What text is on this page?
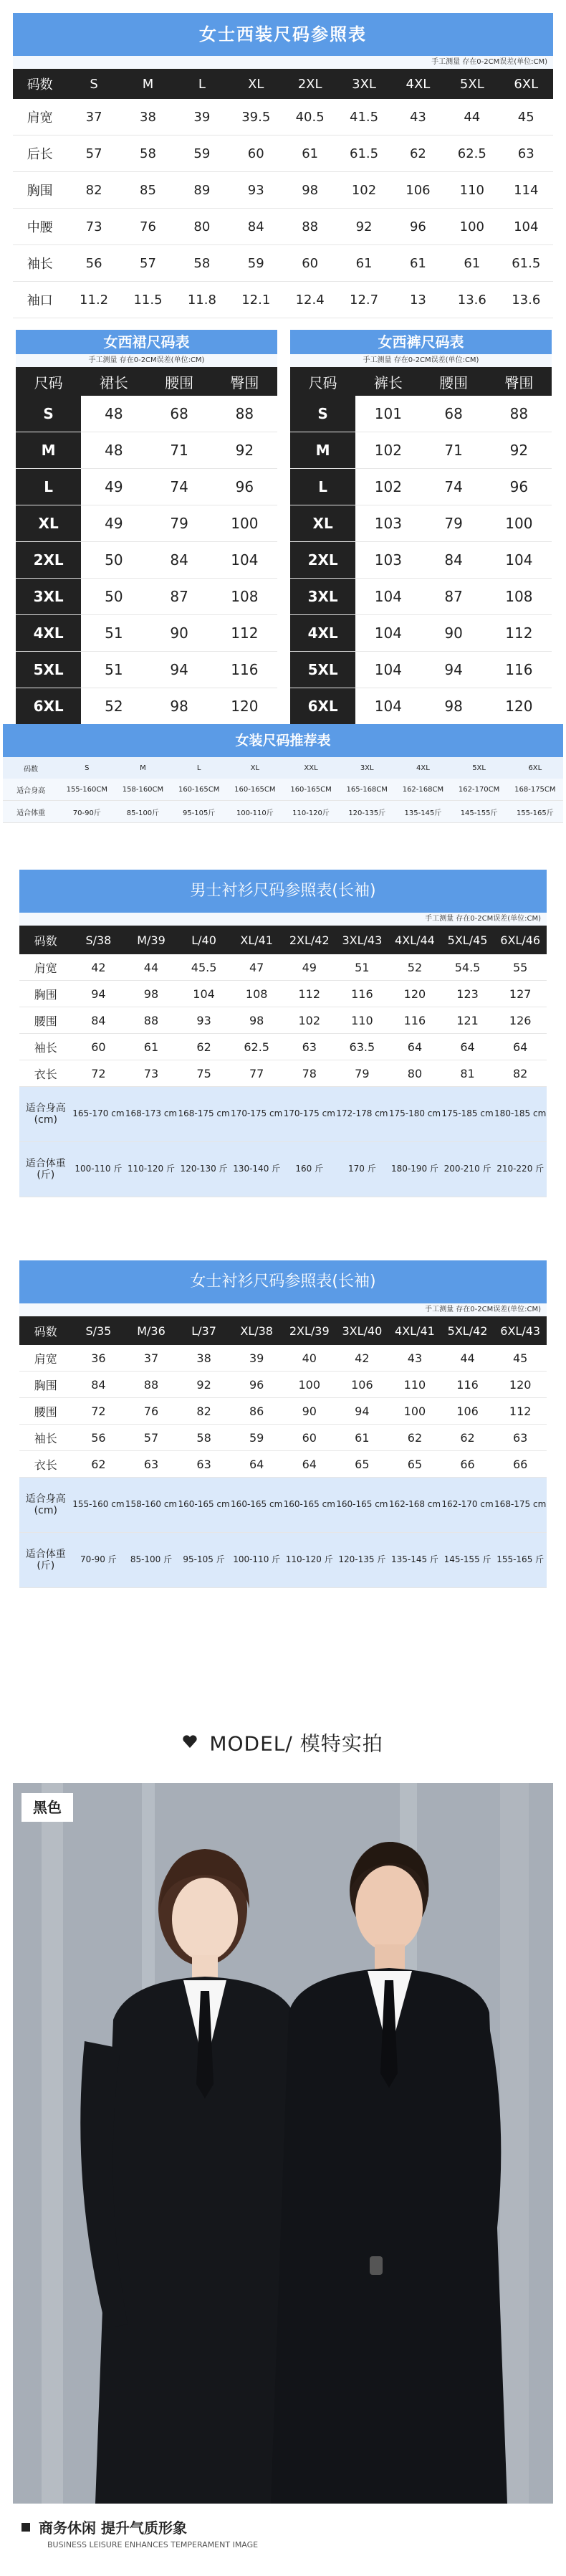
女士西装尺码参照表
手工测量 存在0-2CM误差(单位:CM)
码数	S	M	L	XL	2XL	3XL	4XL	5XL	6XL
肩宽	37	38	39	39.5	40.5	41.5	43	44	45
后长	57	58	59	60	61	61.5	62	62.5	63
胸围	82	85	89	93	98	102	106	110	114
中腰	73	76	80	84	88	92	96	100	104
袖长	56	57	58	59	60	61	61	61	61.5
袖口	11.2	11.5	11.8	12.1	12.4	12.7	13	13.6	13.6
女西裙尺码表
手工测量 存在0-2CM误差(单位:CM)
尺码	裙长	腰围	臀围
S	48	68	88
M	48	71	92
L	49	74	96
XL	49	79	100
2XL	50	84	104
3XL	50	87	108
4XL	51	90	112
5XL	51	94	116
6XL	52	98	120
女西裤尺码表
手工测量 存在0-2CM误差(单位:CM)
尺码	裤长	腰围	臀围
S	101	68	88
M	102	71	92
L	102	74	96
XL	103	79	100
2XL	103	84	104
3XL	104	87	108
4XL	104	90	112
5XL	104	94	116
6XL	104	98	120
女装尺码推荐表
码数	S	M	L	XL	XXL	3XL	4XL	5XL	6XL
适合身高	155-160CM	158-160CM	160-165CM	160-165CM	160-165CM	165-168CM	162-168CM	162-170CM	168-175CM
适合体重	70-90斤	85-100斤	95-105斤	100-110斤	110-120斤	120-135斤	135-145斤	145-155斤	155-165斤
男士衬衫尺码参照表(长袖)
手工测量 存在0-2CM误差(单位:CM)
码数	S/38	M/39	L/40	XL/41	2XL/42	3XL/43	4XL/44	5XL/45	6XL/46
肩宽	42	44	45.5	47	49	51	52	54.5	55
胸围	94	98	104	108	112	116	120	123	127
腰围	84	88	93	98	102	110	116	121	126
袖长	60	61	62	62.5	63	63.5	64	64	64
衣长	72	73	75	77	78	79	80	81	82
适合身高(cm)	165-170 cm	168-173 cm	168-175 cm	170-175 cm	170-175 cm	172-178 cm	175-180 cm	175-185 cm	180-185 cm
适合体重(斤)	100-110 斤	110-120 斤	120-130 斤	130-140 斤	160 斤	170 斤	180-190 斤	200-210 斤	210-220 斤
女士衬衫尺码参照表(长袖)
手工测量 存在0-2CM误差(单位:CM)
码数	S/35	M/36	L/37	XL/38	2XL/39	3XL/40	4XL/41	5XL/42	6XL/43
肩宽	36	37	38	39	40	42	43	44	45
胸围	84	88	92	96	100	106	110	116	120
腰围	72	76	82	86	90	94	100	106	112
袖长	56	57	58	59	60	61	62	62	63
衣长	62	63	63	64	64	65	65	66	66
适合身高(cm)	155-160 cm	158-160 cm	160-165 cm	160-165 cm	160-165 cm	160-165 cm	162-168 cm	162-170 cm	168-175 cm
适合体重(斤)	70-90 斤	85-100 斤	95-105 斤	100-110 斤	110-120 斤	120-135 斤	135-145 斤	145-155 斤	155-165 斤
MODEL/ 模特实拍
黑色
商务休闲 提升气质形象
BUSINESS LEISURE ENHANCES TEMPERAMENT IMAGE
